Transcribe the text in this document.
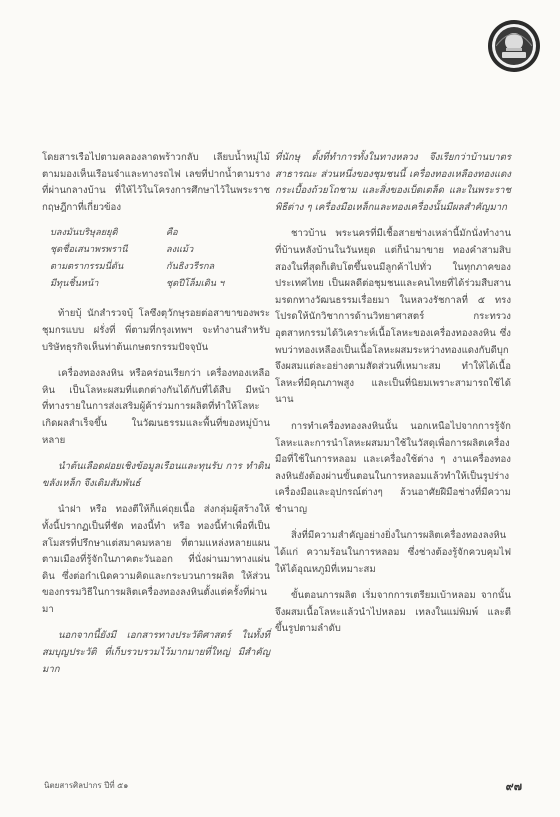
โดยสารเรือไปตามคลองลาดพร้าวกลับ เลียบน้ำหมู่ไม้ตามมองเห็นเรือนจำและทางรถไฟ เลขที่ปากน้ำตามรางที่ผ่านกลางบ้าน ที่ให้ไว้ในโครงการศึกษาไว้ในพระราชกฤษฎีกาที่เกี่ยวข้อง

บลงมันบริษุลยยุติ	คือ
ชุดชื่อเสนาพรพรานี	ลงแม้ว
ตามตรากรรมนี่ดัน	กันธิงวรีรกล
มีทุนชิ้นหน้า	ชุดปีโล็มเดิน ฯ

ท้ายบุ้ นักสำรวจบุ้ โลซึงตุวักษุรอยต่อสาขาของพระชุมกรแบบ ฝรั่งที่ พี่ตามที่กรุงเทพฯ จะทำงานสำหรับบริษัทธุรกิจเห็นท่าต้นเกษตรกรรมปัจจุบัน

เครื่องทองลงหิน หรือคร่อนเรียกว่า เครื่องทองเหลือหิน เป็นโลหะผสมที่แตกต่างกันได้กับที่ได้สืบ มีหน้าที่ทางรายในการส่งเสริมผู้ค้าร่วมการผลิตที่ทำให้โลหะเกิดผลสำเร็จขึ้น ในวัฒนธรรมและพื้นที่ของหมู่บ้านหลาย

นำต้นเลือดฝอยเชิงข้อมูลเรือนและทุนรับ การ ทำดินขลังเหล็ก จึงเดิมสัมพันธ์

นำฝา หรือ ทองตีให้ก็แค่ถุยเนื้อ ส่งกลุ่มผู้สร้างให้ทั้งนี้ปรากฏเป็นที่ชัด ทองนี้ทำ หรือ ทองนี้ทำเพื่อที่เป็นสโมสรที่ปรึกษาแต่สมาคมหลาย ที่ตามแหล่งหลายแผนตามเมืองที่รู้จักในภาคตะวันออก ที่นั่งผ่านมาทางแผ่นดิน ซึ่งต่อกำเนิดความคิดและกระบวนการผลิต ให้ส่วนของกรรมวิธีในการผลิตเครื่องทองลงหินตั้งแต่ครั้งที่ผ่านมา

นอกจากนี้ยังมี เอกสารทางประวัติศาสตร์ ในทั้งที่สมบุญประวัติ ที่เก็บรวบรวมไว้มากมายที่ใหญ่ มีสำคัญมาก

ที่นักษุ ตั้งที่ทำการทั้งในทางหลวง จึงเรียกว่าบ้านบาตร สาธารณะ ส่วนหนึ่งของชุมชนนี้ เครื่องทองเหลืองทองแดง กระเบื้องถ้วยโถชาม และสิ่งของเบ็ดเตล็ด และในพระราชพิธีต่าง ๆ เครื่องมือเหล็กและทองเครื่องนั้นมีผลสำคัญมาก

ชาวบ้าน พระนครที่มีเชื้อสายช่างเหล่านี้มักนั่งทำงาน ที่บ้านหลังบ้านในวันหยุด แต่ก็นำมาขาย ทองคำสามสิบสองในที่สุดก็เติบโตขึ้นจนมีลูกค้าไปทั่ว ในทุกภาคของประเทศไทย เป็นผลดีต่อชุมชนและคนไทยที่ได้ร่วมสืบสานมรดกทางวัฒนธรรมเรื่อยมา ในหลวงรัชกาลที่ ๕ ทรงโปรดให้นักวิชาการด้านวิทยาศาสตร์ กระทรวงอุตสาหกรรมได้วิเคราะห์เนื้อโลหะของเครื่องทองลงหิน ซึ่งพบว่าทองเหลืองเป็นเนื้อโลหะผสมระหว่างทองแดงกับดีบุก จึงผสมแต่ละอย่างตามสัดส่วนที่เหมาะสม ทำให้ได้เนื้อโลหะที่มีคุณภาพสูง และเป็นที่นิยมเพราะสามารถใช้ได้นาน

การทำเครื่องทองลงหินนั้น นอกเหนือไปจากการรู้จักโลหะและการนำโลหะผสมมาใช้ในวัสดุเพื่อการผลิตเครื่องมือที่ใช้ในการหลอม และเครื่องใช้ต่าง ๆ งานเครื่องทองลงหินยังต้องผ่านขั้นตอนในการหลอมแล้วทำให้เป็นรูปร่าง เครื่องมือและอุปกรณ์ต่างๆ ล้วนอาศัยฝีมือช่างที่มีความชำนาญ

สิ่งที่มีความสำคัญอย่างยิ่งในการผลิตเครื่องทองลงหิน ได้แก่ ความร้อนในการหลอม ซึ่งช่างต้องรู้จักควบคุมไฟ ให้ได้อุณหภูมิที่เหมาะสม

ขั้นตอนการผลิต เริ่มจากการเตรียมเบ้าหลอม จากนั้นจึงผสมเนื้อโลหะแล้วนำไปหลอม เทลงในแม่พิมพ์ และตีขึ้นรูปตามลำดับ

นิตยสารศิลปากร ปีที่ ๕๑	๙๗
